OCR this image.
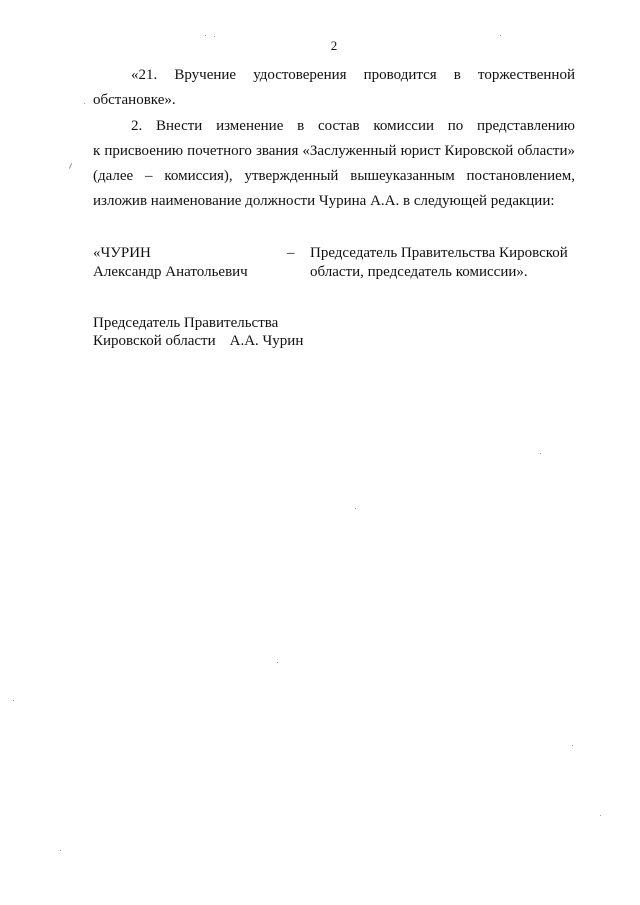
2

«21. Вручение удостоверения проводится в торжественной
обстановке».

2. Внести изменение в состав комиссии по представлению
к присвоению почетного звания «Заслуженный юрист Кировской области»
(далее – комиссия), утвержденный вышеуказанным постановлением,
изложив наименование должности Чурина А.А. в следующей редакции:

«ЧУРИН
Александр Анатольевич
– Председатель Правительства Кировской
области, председатель комиссии».
Председатель Правительства
Кировской области А.А. Чурин
